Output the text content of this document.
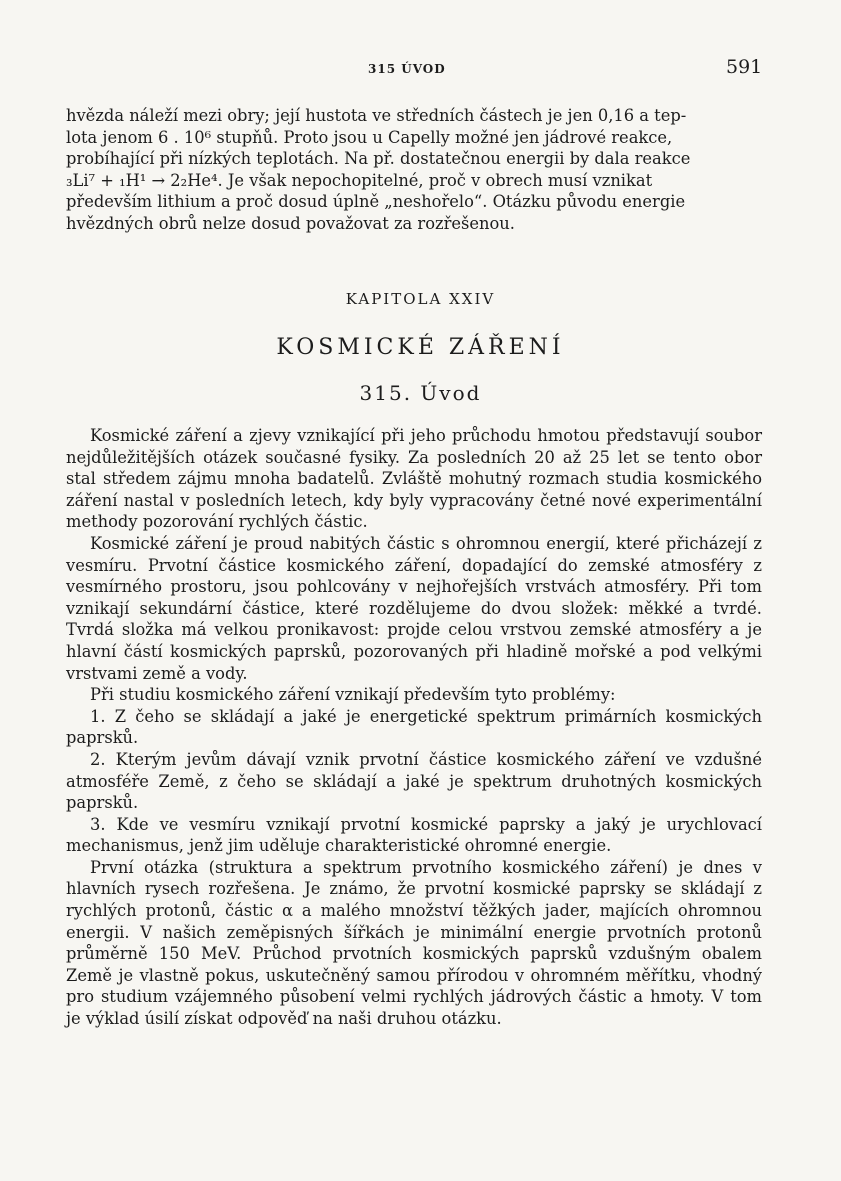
315 ÚVOD	591
hvězda náleží mezi obry; její hustota ve středních částech je jen 0,16 a tep-
lota jenom 6 . 10⁶ stupňů. Proto jsou u Capelly možné jen jádrové reakce,
probíhající při nízkých teplotách. Na př. dostatečnou energii by dala reakce
₃Li⁷ + ₁H¹ → 2₂He⁴. Je však nepochopitelné, proč v obrech musí vznikat
především lithium a proč dosud úplně „neshořelo“. Otázku původu energie
hvězdných obrů nelze dosud považovat za rozřešenou.
KAPITOLA XXIV
KOSMICKÉ ZÁŘENÍ
315. Úvod

Kosmické záření a zjevy vznikající při jeho průchodu hmotou představují soubor nejdůležitějších otázek současné fysiky. Za posledních 20 až 25 let se tento obor stal středem zájmu mnoha badatelů. Zvláště mohutný rozmach studia kosmického záření nastal v posledních letech, kdy byly vypracovány četné nové experimentální methody pozorování rychlých částic.

Kosmické záření je proud nabitých částic s ohromnou energií, které přicházejí z vesmíru. Prvotní částice kosmického záření, dopadající do zemské atmosféry z vesmírného prostoru, jsou pohlcovány v nejhořejších vrstvách atmosféry. Při tom vznikají sekundární částice, které rozdělujeme do dvou složek: měkké a tvrdé. Tvrdá složka má velkou pronikavost: projde celou vrstvou zemské atmosféry a je hlavní částí kosmických paprsků, pozorovaných při hladině mořské a pod velkými vrstvami země a vody.

Při studiu kosmického záření vznikají především tyto problémy:

1. Z čeho se skládají a jaké je energetické spektrum primárních kosmických paprsků.

2. Kterým jevům dávají vznik prvotní částice kosmického záření ve vzdušné atmosféře Země, z čeho se skládají a jaké je spektrum druhotných kosmických paprsků.

3. Kde ve vesmíru vznikají prvotní kosmické paprsky a jaký je urychlovací mechanismus, jenž jim uděluje charakteristické ohromné energie.

První otázka (struktura a spektrum prvotního kosmického záření) je dnes v hlavních rysech rozřešena. Je známo, že prvotní kosmické paprsky se skládají z rychlých protonů, částic α a malého množství těžkých jader, majících ohromnou energii. V našich zeměpisných šířkách je minimální energie prvotních protonů průměrně 150 MeV. Průchod prvotních kosmických paprsků vzdušným obalem Země je vlastně pokus, uskutečněný samou přírodou v ohromném měřítku, vhodný pro studium vzájemného působení velmi rychlých jádrových částic a hmoty. V tom je výklad úsilí získat odpověď na naši druhou otázku.
